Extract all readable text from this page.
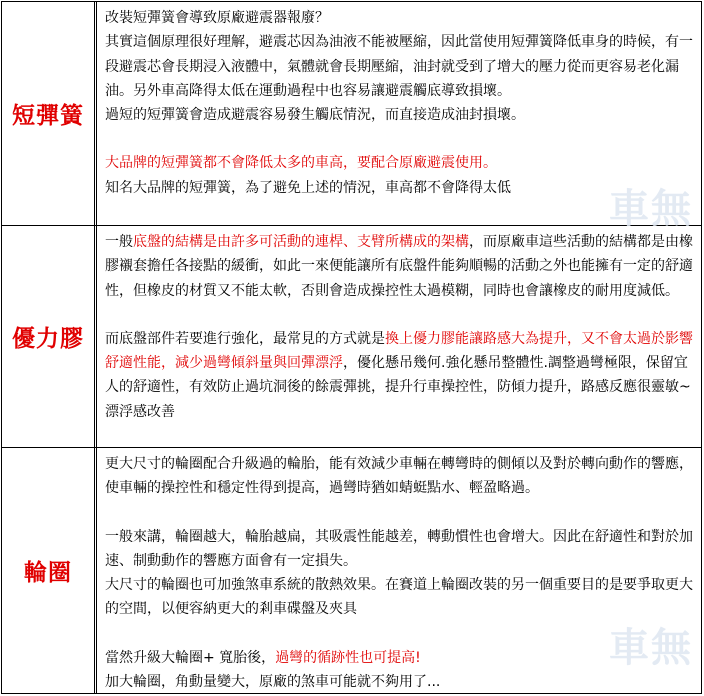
短彈簧

改裝短彈簧會導致原廠避震器報廢？

其實這個原理很好理解，避震芯因為油液不能被壓縮，因此當使用短彈簧降低車身的時候，有一段避震芯會長期浸入液體中，氣體就會長期壓縮，油封就受到了增大的壓力從而更容易老化漏油。另外車高降得太低在運動過程中也容易讓避震觸底導致損壞。

過短的短彈簧會造成避震容易發生觸底情況，而直接造成油封損壞。

大品牌的短彈簧都不會降低太多的車高，要配合原廠避震使用。

知名大品牌的短彈簧，為了避免上述的情況，車高都不會降得太低	車無
優力膠

一般底盤的結構是由許多可活動的連桿、支臂所構成的架構，而原廠車這些活動的結構都是由橡膠襯套擔任各接點的緩衝，如此一來便能讓所有底盤件能夠順暢的活動之外也能擁有一定的舒適性，但橡皮的材質又不能太軟，否則會造成操控性太過模糊，同時也會讓橡皮的耐用度減低。

而底盤部件若要進行強化，最常見的方式就是換上優力膠能讓路感大為提升，又不會太過於影響舒適性能，減少過彎傾斜量與回彈漂浮，優化懸吊幾何.強化懸吊整體性.調整過彎極限，保留宜人的舒適性，有效防止過坑洞後的餘震彈挑，提升行車操控性，防傾力提升，路感反應很靈敏~漂浮感改善

車無
輪圈

更大尺寸的輪圈配合升級過的輪胎，能有效減少車輛在轉彎時的側傾以及對於轉向動作的響應，使車輛的操控性和穩定性得到提高，過彎時猶如蜻蜓點水、輕盈略過。

一般來講，輪圈越大，輪胎越扁，其吸震性能越差，轉動慣性也會增大。因此在舒適性和對於加速、制動動作的響應方面會有一定損失。

大尺寸的輪圈也可加強煞車系統的散熱效果。在賽道上輪圈改裝的另一個重要目的是要爭取更大的空間，以便容納更大的剎車碟盤及夾具

當然升級大輪圈+ 寬胎後，過彎的循跡性也可提高!

加大輪圈，角動量變大，原廠的煞車可能就不夠用了...
